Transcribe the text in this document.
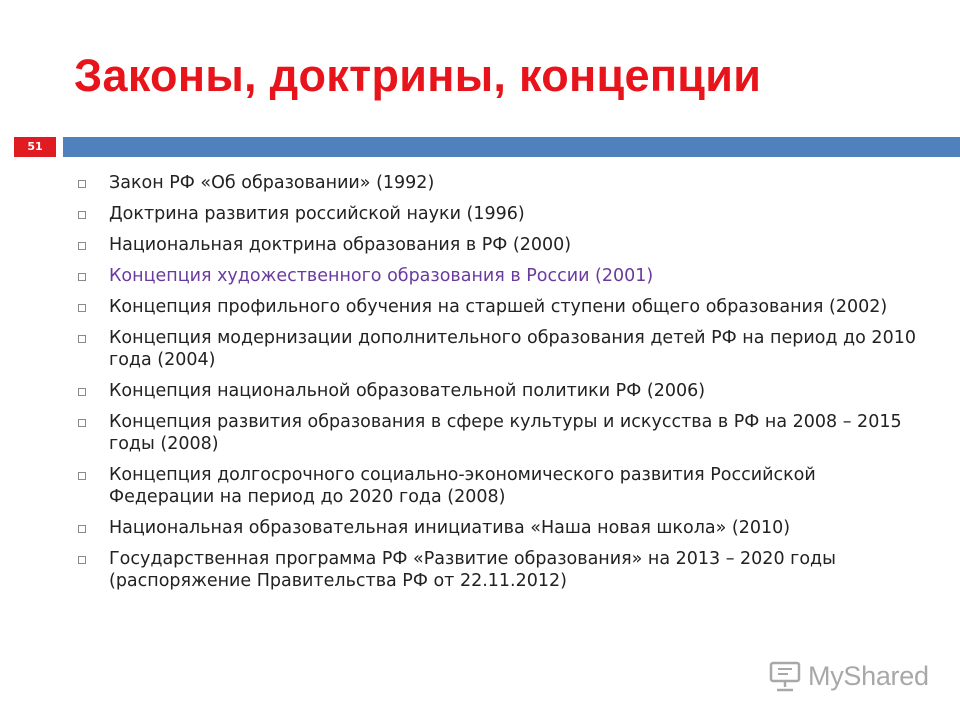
Законы, доктрины, концепции
51
Закон РФ «Об образовании» (1992)
Доктрина развития российской науки (1996)
Национальная доктрина образования в РФ (2000)
Концепция художественного образования в России (2001)
Концепция профильного обучения на старшей ступени общего образования (2002)
Концепция модернизации дополнительного образования детей РФ на период до 2010 года (2004)
Концепция национальной образовательной политики РФ (2006)
Концепция развития образования в сфере культуры и искусства в РФ на 2008 – 2015 годы (2008)
Концепция долгосрочного социально-экономического развития Российской Федерации на период до 2020 года (2008)
Национальная образовательная инициатива «Наша новая школа» (2010)
Государственная программа РФ «Развитие образования» на 2013 – 2020 годы (распоряжение Правительства РФ от 22.11.2012)
MyShared
